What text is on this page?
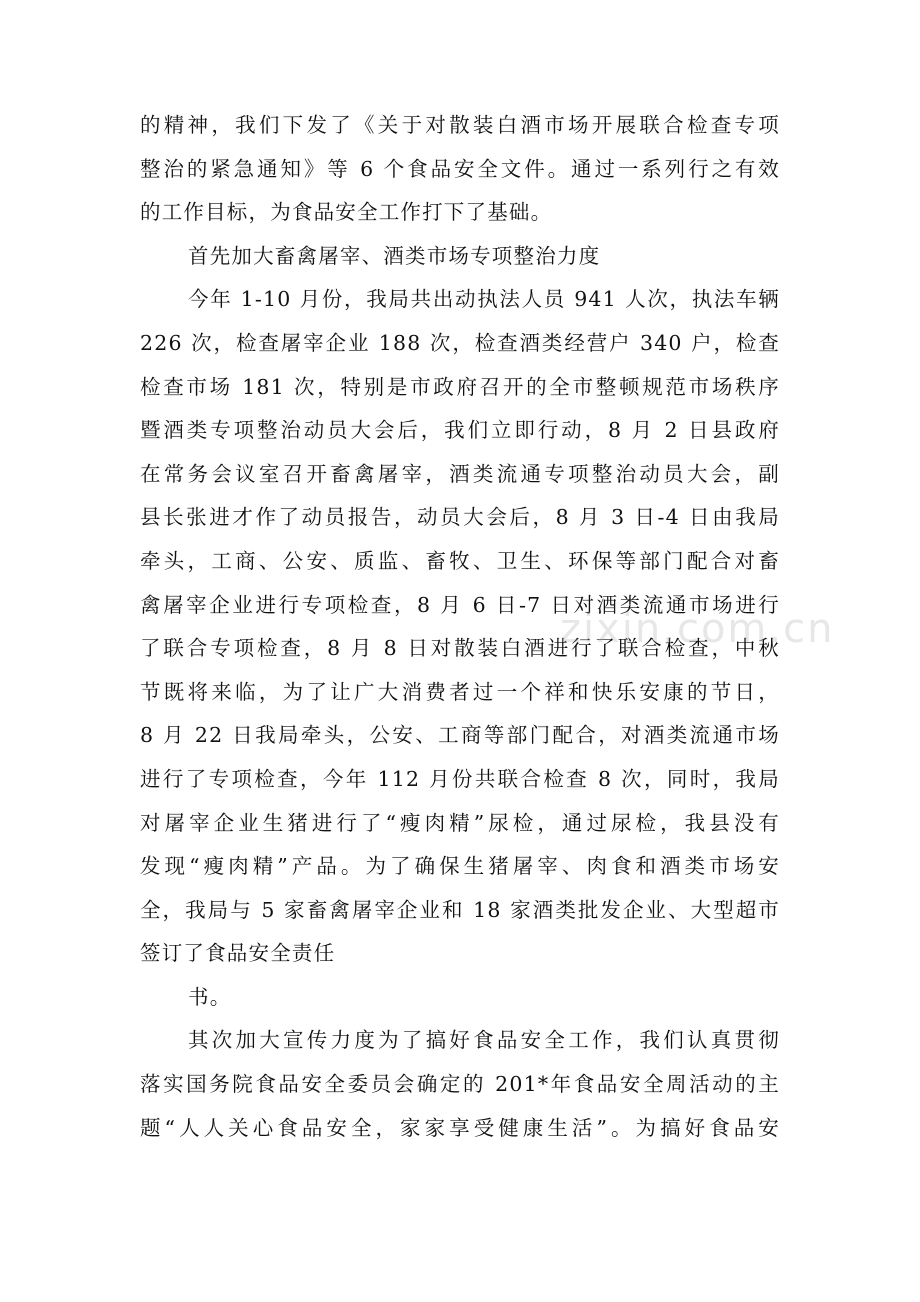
的精神，我们下发了《关于对散装白酒市场开展联合检查专项
整治的紧急通知》等 6 个食品安全文件。通过一系列行之有效
的工作目标，为食品安全工作打下了基础。
首先加大畜禽屠宰、酒类市场专项整治力度
今年 1-10 月份，我局共出动执法人员 941 人次，执法车辆
226 次，检查屠宰企业 188 次，检查酒类经营户 340 户，检查
检查市场 181 次，特别是市政府召开的全市整顿规范市场秩序
暨酒类专项整治动员大会后，我们立即行动，8 月 2 日县政府
在常务会议室召开畜禽屠宰，酒类流通专项整治动员大会，副
县长张进才作了动员报告，动员大会后，8 月 3 日-4 日由我局
牵头，工商、公安、质监、畜牧、卫生、环保等部门配合对畜
禽屠宰企业进行专项检查，8 月 6 日-7 日对酒类流通市场进行
了联合专项检查，8 月 8 日对散装白酒进行了联合检查，中秋
节既将来临，为了让广大消费者过一个祥和快乐安康的节日，
8 月 22 日我局牵头，公安、工商等部门配合，对酒类流通市场
进行了专项检查，今年 112 月份共联合检查 8 次，同时，我局
对屠宰企业生猪进行了“瘦肉精”尿检，通过尿检，我县没有
发现“瘦肉精”产品。为了确保生猪屠宰、肉食和酒类市场安
全，我局与 5 家畜禽屠宰企业和 18 家酒类批发企业、大型超市
签订了食品安全责任
书。
其次加大宣传力度为了搞好食品安全工作，我们认真贯彻
落实国务院食品安全委员会确定的 201*年食品安全周活动的主
题“人人关心食品安全，家家享受健康生活”。为搞好食品安
zixin.com.cn
